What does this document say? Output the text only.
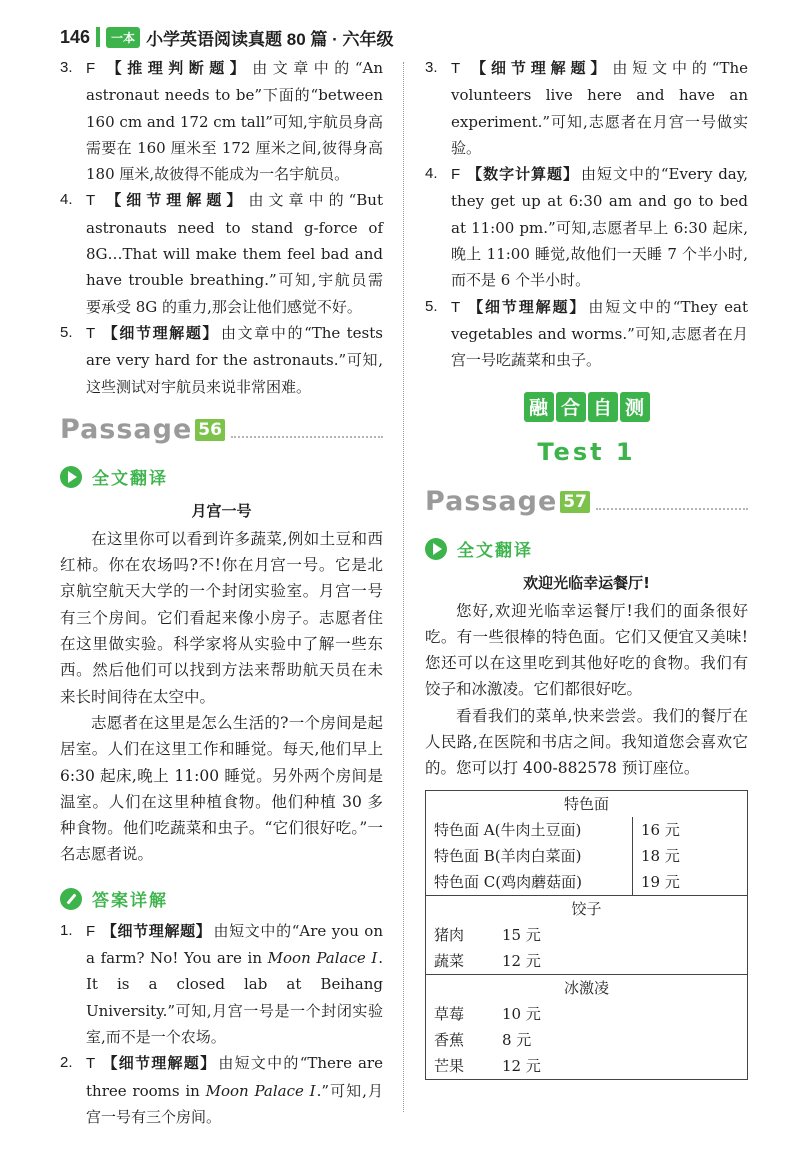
146	一本 小学英语阅读真题 80 篇 · 六年级
3. F 【推理判断题】 由文章中的“An astronaut needs to be”下面的“between 160 cm and 172 cm tall”可知,宇航员身高需要在 160 厘米至 172 厘米之间,彼得身高 180 厘米,故彼得不能成为一名宇航员。
4. T 【细节理解题】 由文章中的“But astronauts need to stand g-force of 8G…That will make them feel bad and have trouble breathing.”可知,宇航员需要承受 8G 的重力,那会让他们感觉不好。
5. T 【细节理解题】 由文章中的“The tests are very hard for the astronauts.”可知,这些测试对宇航员来说非常困难。
Passage 56
全文翻译
月宫一号
在这里你可以看到许多蔬菜,例如土豆和西红柿。你在农场吗?不!你在月宫一号。它是北京航空航天大学的一个封闭实验室。月宫一号有三个房间。它们看起来像小房子。志愿者住在这里做实验。科学家将从实验中了解一些东西。然后他们可以找到方法来帮助航天员在未来长时间待在太空中。
志愿者在这里是怎么生活的?一个房间是起居室。人们在这里工作和睡觉。每天,他们早上 6:30 起床,晚上 11:00 睡觉。另外两个房间是温室。人们在这里种植食物。他们种植 30 多种食物。他们吃蔬菜和虫子。“它们很好吃。”一名志愿者说。
答案详解
1. F 【细节理解题】 由短文中的“Are you on a farm? No! You are in Moon Palace Ⅰ. It is a closed lab at Beihang University.”可知,月宫一号是一个封闭实验室,而不是一个农场。
2. T 【细节理解题】 由短文中的“There are three rooms in Moon Palace Ⅰ.”可知,月宫一号有三个房间。
3. T 【细节理解题】 由短文中的“The volunteers live here and have an experiment.”可知,志愿者在月宫一号做实验。
4. F 【数字计算题】 由短文中的“Every day, they get up at 6:30 am and go to bed at 11:00 pm.”可知,志愿者早上 6:30 起床,晚上 11:00 睡觉,故他们一天睡 7 个半小时,而不是 6 个半小时。
5. T 【细节理解题】 由短文中的“They eat vegetables and worms.”可知,志愿者在月宫一号吃蔬菜和虫子。
融 合 自 测
Test 1
Passage 57
全文翻译
欢迎光临幸运餐厅!
您好,欢迎光临幸运餐厅!我们的面条很好吃。有一些很棒的特色面。它们又便宜又美味!您还可以在这里吃到其他好吃的食物。我们有饺子和冰激凌。它们都很好吃。
看看我们的菜单,快来尝尝。我们的餐厅在人民路,在医院和书店之间。我知道您会喜欢它的。您可以打 400-882578 预订座位。
特色面	
特色面 A(牛肉土豆面)	16 元
特色面 B(羊肉白菜面)	18 元
特色面 C(鸡肉蘑菇面)	19 元
饺子	
猪肉 15 元	
蔬菜 12 元	
冰激凌	
草莓 10 元	
香蕉 8 元	
芒果 12 元	
